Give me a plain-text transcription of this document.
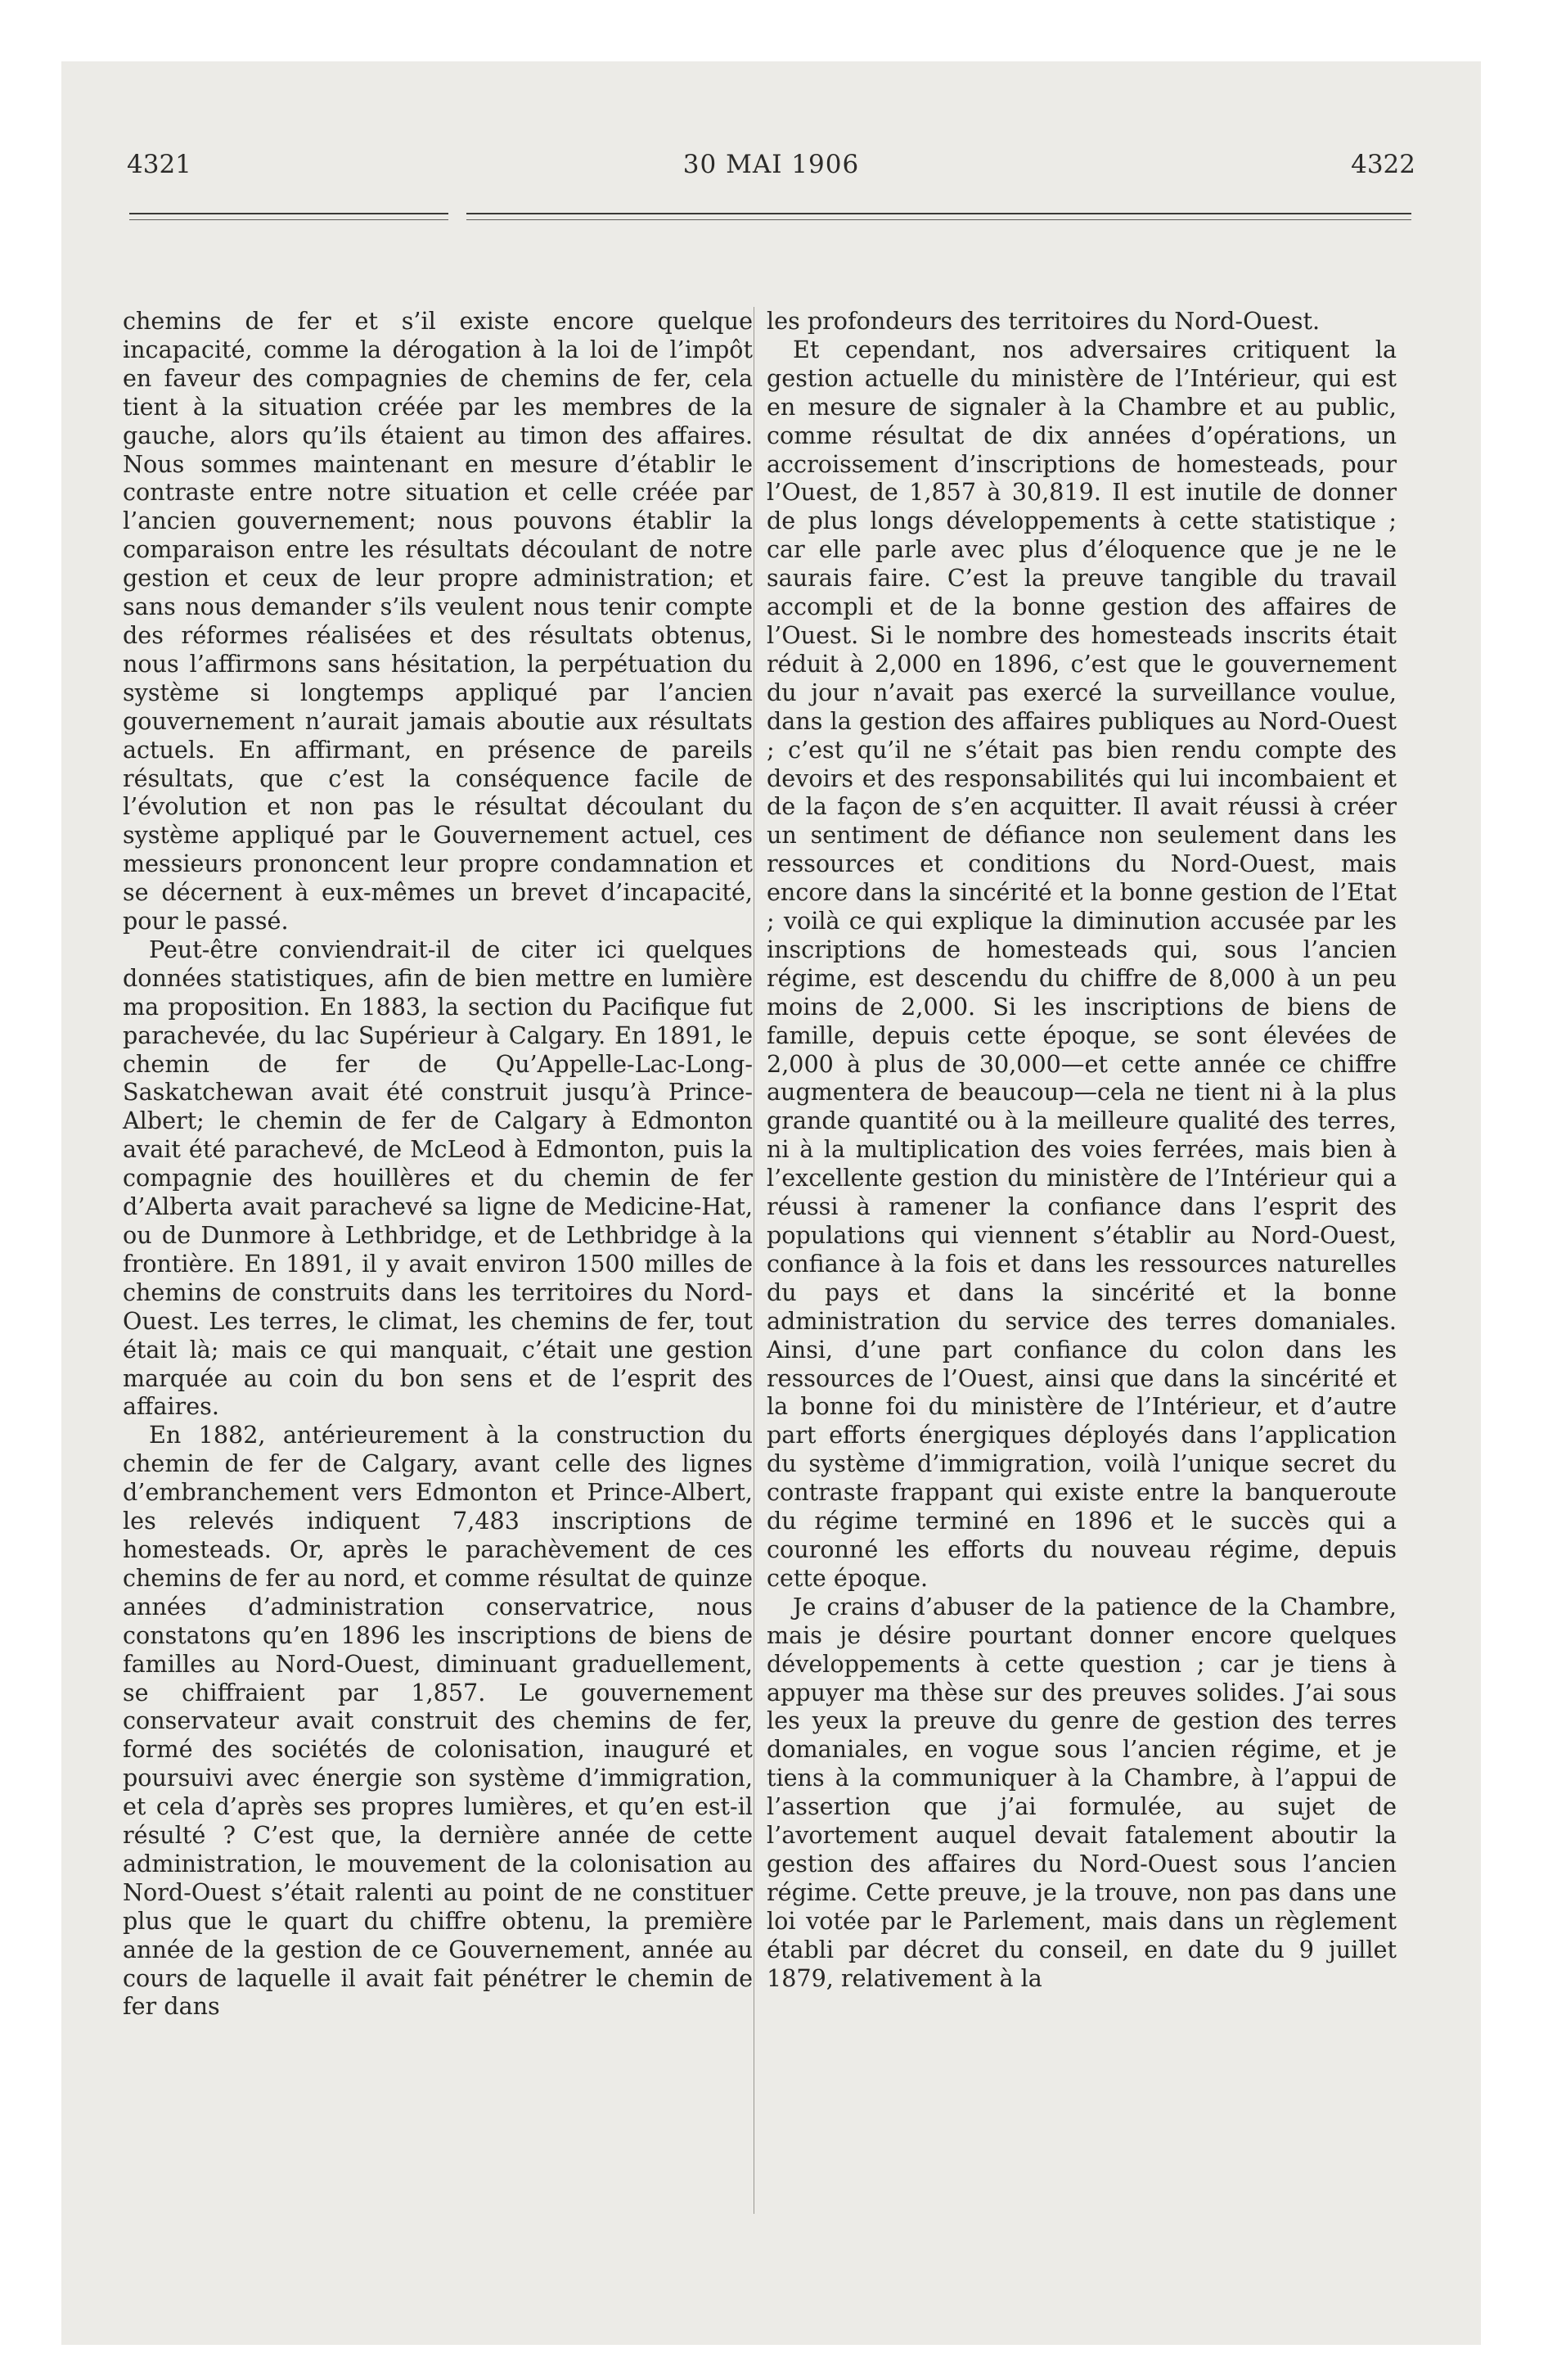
4321	30 MAI 1906	4322

chemins de fer et s’il existe encore quelque incapacité, comme la dérogation à la loi de l’impôt en faveur des compagnies de chemins de fer, cela tient à la situation créée par les membres de la gauche, alors qu’ils étaient au timon des affaires. Nous sommes maintenant en mesure d’établir le contraste entre notre situation et celle créée par l’ancien gouvernement; nous pouvons établir la comparaison entre les résultats découlant de notre gestion et ceux de leur propre administration; et sans nous demander s’ils veulent nous tenir compte des réformes réalisées et des résultats obtenus, nous l’affirmons sans hésitation, la perpétuation du système si longtemps appliqué par l’ancien gouvernement n’aurait jamais aboutie aux résultats actuels. En affirmant, en présence de pareils résultats, que c’est la conséquence facile de l’évolution et non pas le résultat découlant du système appliqué par le Gouvernement actuel, ces messieurs prononcent leur propre condamnation et se décernent à eux-mêmes un brevet d’incapacité, pour le passé.

Peut-être conviendrait-il de citer ici quelques données statistiques, afin de bien mettre en lumière ma proposition. En 1883, la section du Pacifique fut parachevée, du lac Supérieur à Calgary. En 1891, le chemin de fer de Qu’Appelle-Lac-Long-Saskatchewan avait été construit jusqu’à Prince-Albert; le chemin de fer de Calgary à Edmonton avait été parachevé, de McLeod à Edmonton, puis la compagnie des houillères et du chemin de fer d’Alberta avait parachevé sa ligne de Medicine-Hat, ou de Dunmore à Lethbridge, et de Lethbridge à la frontière. En 1891, il y avait environ 1500 milles de chemins de construits dans les territoires du Nord-Ouest. Les terres, le climat, les chemins de fer, tout était là; mais ce qui manquait, c’était une gestion marquée au coin du bon sens et de l’esprit des affaires.

En 1882, antérieurement à la construction du chemin de fer de Calgary, avant celle des lignes d’embranchement vers Edmonton et Prince-Albert, les relevés indiquent 7,483 inscriptions de homesteads. Or, après le parachèvement de ces chemins de fer au nord, et comme résultat de quinze années d’administration conservatrice, nous constatons qu’en 1896 les inscriptions de biens de familles au Nord-Ouest, diminuant graduellement, se chiffraient par 1,857. Le gouvernement conservateur avait construit des chemins de fer, formé des sociétés de colonisation, inauguré et poursuivi avec énergie son système d’immigration, et cela d’après ses propres lumières, et qu’en est-il résulté ? C’est que, la dernière année de cette administration, le mouvement de la colonisation au Nord-Ouest s’était ralenti au point de ne constituer plus que le quart du chiffre obtenu, la première année de la gestion de ce Gouvernement, année au cours de laquelle il avait fait pénétrer le chemin de fer dans

les profondeurs des territoires du Nord-Ouest.

Et cependant, nos adversaires critiquent la gestion actuelle du ministère de l’Intérieur, qui est en mesure de signaler à la Chambre et au public, comme résultat de dix années d’opérations, un accroissement d’inscriptions de homesteads, pour l’Ouest, de 1,857 à 30,819. Il est inutile de donner de plus longs développements à cette statistique ; car elle parle avec plus d’éloquence que je ne le saurais faire. C’est la preuve tangible du travail accompli et de la bonne gestion des affaires de l’Ouest. Si le nombre des homesteads inscrits était réduit à 2,000 en 1896, c’est que le gouvernement du jour n’avait pas exercé la surveillance voulue, dans la gestion des affaires publiques au Nord-Ouest ; c’est qu’il ne s’était pas bien rendu compte des devoirs et des responsabilités qui lui incombaient et de la façon de s’en acquitter. Il avait réussi à créer un sentiment de défiance non seulement dans les ressources et conditions du Nord-Ouest, mais encore dans la sincérité et la bonne gestion de l’Etat ; voilà ce qui explique la diminution accusée par les inscriptions de homesteads qui, sous l’ancien régime, est descendu du chiffre de 8,000 à un peu moins de 2,000. Si les inscriptions de biens de famille, depuis cette époque, se sont élevées de 2,000 à plus de 30,000—et cette année ce chiffre augmentera de beaucoup—cela ne tient ni à la plus grande quantité ou à la meilleure qualité des terres, ni à la multiplication des voies ferrées, mais bien à l’excellente gestion du ministère de l’Intérieur qui a réussi à ramener la confiance dans l’esprit des populations qui viennent s’établir au Nord-Ouest, confiance à la fois et dans les ressources naturelles du pays et dans la sincérité et la bonne administration du service des terres domaniales. Ainsi, d’une part confiance du colon dans les ressources de l’Ouest, ainsi que dans la sincérité et la bonne foi du ministère de l’Intérieur, et d’autre part efforts énergiques déployés dans l’application du système d’immigration, voilà l’unique secret du contraste frappant qui existe entre la banqueroute du régime terminé en 1896 et le succès qui a couronné les efforts du nouveau régime, depuis cette époque.

Je crains d’abuser de la patience de la Chambre, mais je désire pourtant donner encore quelques développements à cette question ; car je tiens à appuyer ma thèse sur des preuves solides. J’ai sous les yeux la preuve du genre de gestion des terres domaniales, en vogue sous l’ancien régime, et je tiens à la communiquer à la Chambre, à l’appui de l’assertion que j’ai formulée, au sujet de l’avortement auquel devait fatalement aboutir la gestion des affaires du Nord-Ouest sous l’ancien régime. Cette preuve, je la trouve, non pas dans une loi votée par le Parlement, mais dans un règlement établi par décret du conseil, en date du 9 juillet 1879, relativement à la
